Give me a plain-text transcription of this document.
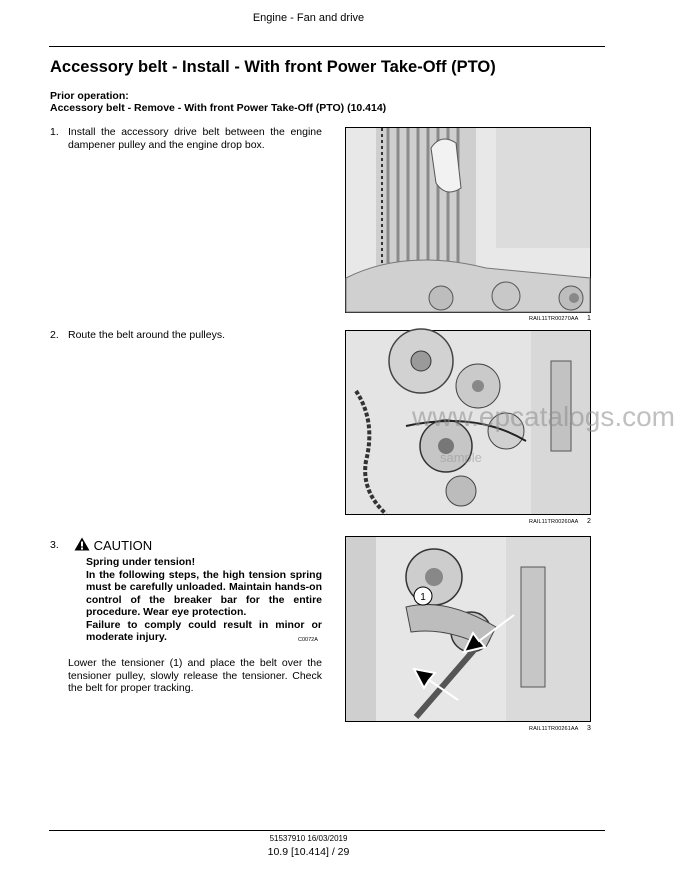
Engine - Fan and drive
Accessory belt - Install - With front Power Take-Off (PTO)
Prior operation:
Accessory belt - Remove - With front Power Take-Off (PTO) (10.414)
1. Install the accessory drive belt between the engine dampener pulley and the engine drop box.
RAIL11TR00270AA 1
2. Route the belt around the pulleys.
RAIL11TR00260AA 2
3.	CAUTION
Spring under tension!
In the following steps, the high tension spring must be carefully unloaded. Maintain hands-on control of the breaker bar for the entire procedure. Wear eye protection.
Failure to comply could result in minor or moderate injury.	C0072A
Lower the tensioner (1) and place the belt over the tensioner pulley, slowly release the tensioner. Check the belt for proper tracking.
1
RAIL11TR00261AA 3
www.epcatalogs.com
sample
51537910 16/03/2019
10.9 [10.414] / 29
